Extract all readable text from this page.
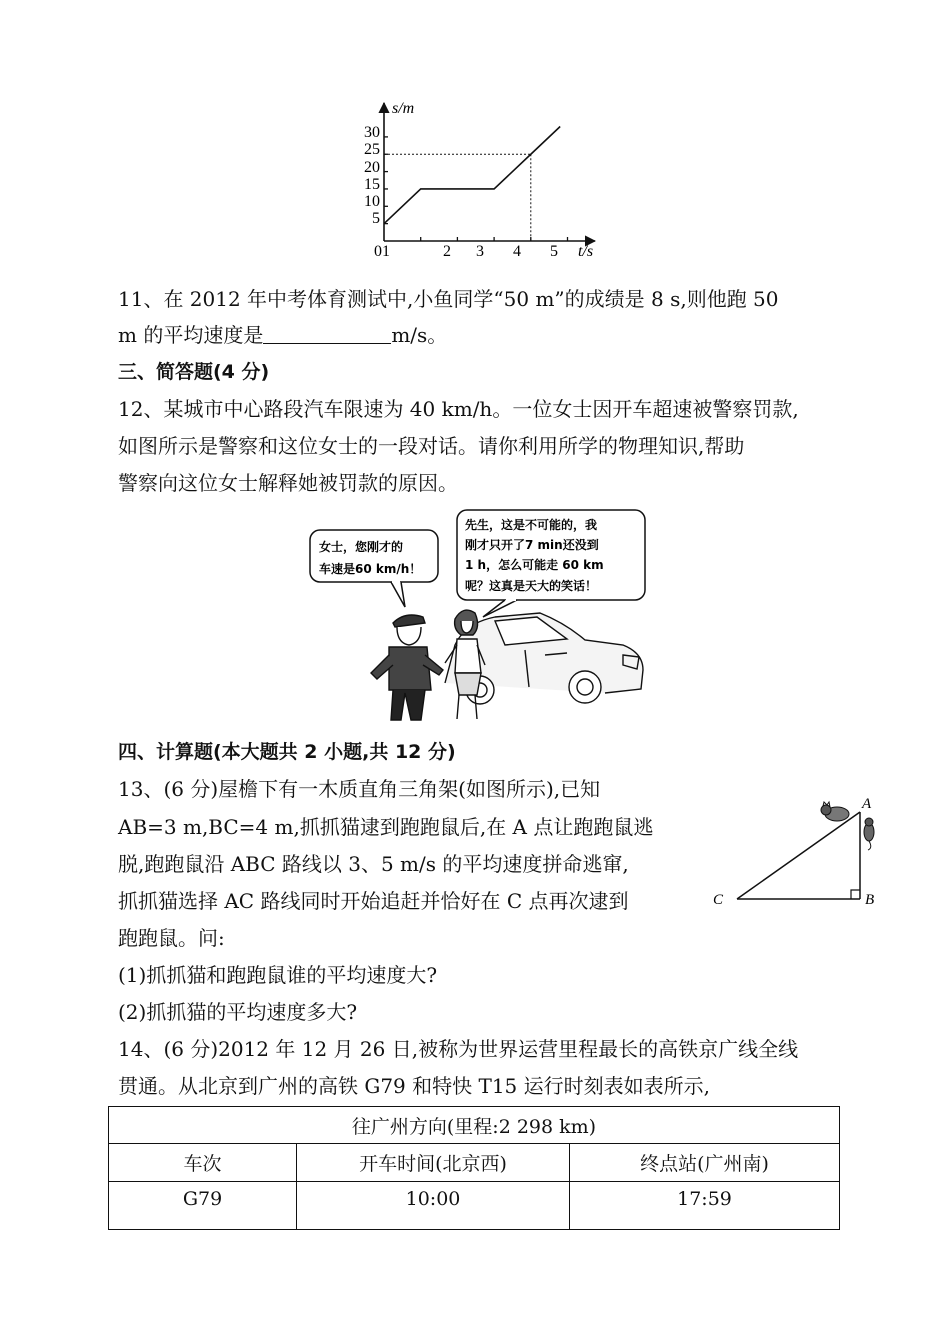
5
10
15
20
25
30
1	2 3 4 5
0
s/m
t/s
11、在 2012 年中考体育测试中,小鱼同学“50 m”的成绩是 8 s,则他跑 50
m 的平均速度是	m/s。
三、简答题(4 分)
12、某城市中心路段汽车限速为 40 km/h。一位女士因开车超速被警察罚款,
如图所示是警察和这位女士的一段对话。请你利用所学的物理知识,帮助
警察向这位女士解释她被罚款的原因。
女士，您刚才的
车速是60 km/h！
先生，这是不可能的，我
刚才只开了7 min还没到
1 h，怎么可能走 60 km
呢？这真是天大的笑话！
四、计算题(本大题共 2 小题,共 12 分)
13、(6 分)屋檐下有一木质直角三角架(如图所示),已知
AB=3 m,BC=4 m,抓抓猫逮到跑跑鼠后,在 A 点让跑跑鼠逃
脱,跑跑鼠沿 ABC 路线以 3、5 m/s 的平均速度拼命逃窜,
抓抓猫选择 AC 路线同时开始追赶并恰好在 C 点再次逮到
跑跑鼠。问:
(1)抓抓猫和跑跑鼠谁的平均速度大?
(2)抓抓猫的平均速度多大?
A
B
C
14、(6 分)2012 年 12 月 26 日,被称为世界运营里程最长的高铁京广线全线
贯通。从北京到广州的高铁 G79 和特快 T15 运行时刻表如表所示,
往广州方向(里程:2 298 km)		
车次	开车时间(北京西)	终点站(广州南)
G79	10:00	17:59
